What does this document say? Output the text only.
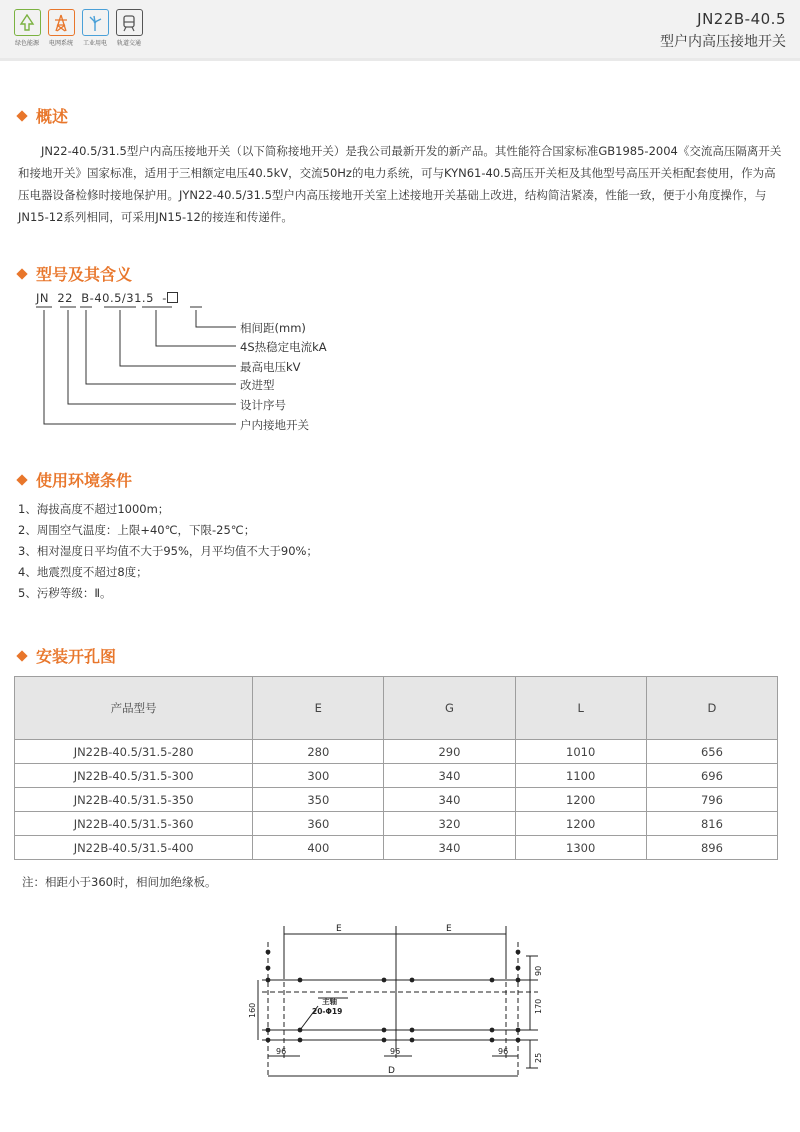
绿色能源	电网系统	工业用电	轨道交通
JN22B-40.5
型户内高压接地开关
概述

JN22-40.5/31.5型户内高压接地开关（以下简称接地开关）是我公司最新开发的新产品。其性能符合国家标准GB1985-2004《交流高压隔离开关和接地开关》国家标准，适用于三相额定电压40.5kV，交流50Hz的电力系统，可与KYN61-40.5高压开关柜及其他型号高压开关柜配套使用，作为高压电器设备检修时接地保护用。JYN22-40.5/31.5型户内高压接地开关室上述接地开关基础上改进，结构简洁紧凑，性能一致，便于小角度操作，与JN15-12系列相同，可采用JN15-12的接连和传递件。

型号及其含义
JN 22 B-40.5/31.5 -
相间距(mm)
4S热稳定电流kA
最高电压kV
改进型
设计序号
户内接地开关
使用环境条件
1、海拔高度不超过1000m；
2、周围空气温度：上限+40℃，下限-25℃；
3、相对湿度日平均值不大于95%，月平均值不大于90%；
4、地震烈度不超过8度；
5、污秽等级：Ⅱ。
安装开孔图
产品型号	E	G	L	D
JN22B-40.5/31.5-280	280	290	1010	656
JN22B-40.5/31.5-300	300	340	1100	696
JN22B-40.5/31.5-350	350	340	1200	796
JN22B-40.5/31.5-360	360	320	1200	816
JN22B-40.5/31.5-400	400	340	1300	896
注：相距小于360时，相间加绝缘板。
E	E
D
96	96	96
160
90
170
25
主轴
20-Φ19
